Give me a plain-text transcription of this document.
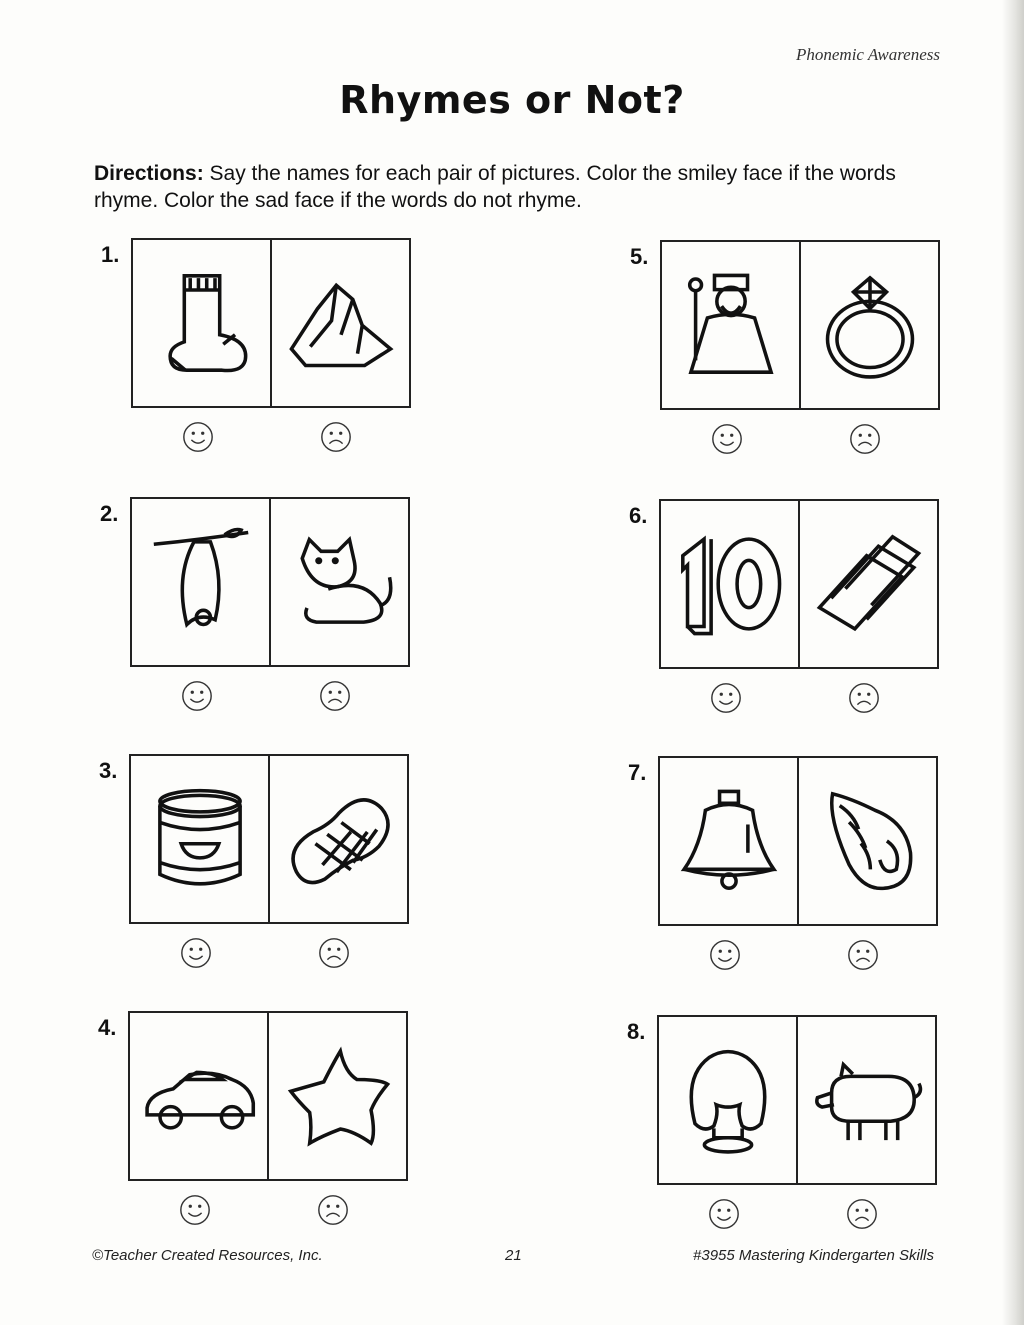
Phonemic Awareness
Rhymes or Not?
Directions: Say the names for each pair of pictures. Color the smiley face if the words rhyme. Color the sad face if the words do not rhyme.
1.
2.
3.
4.
5.
6.
7.
8.
©Teacher Created Resources, Inc.	21	#3955 Mastering Kindergarten Skills
